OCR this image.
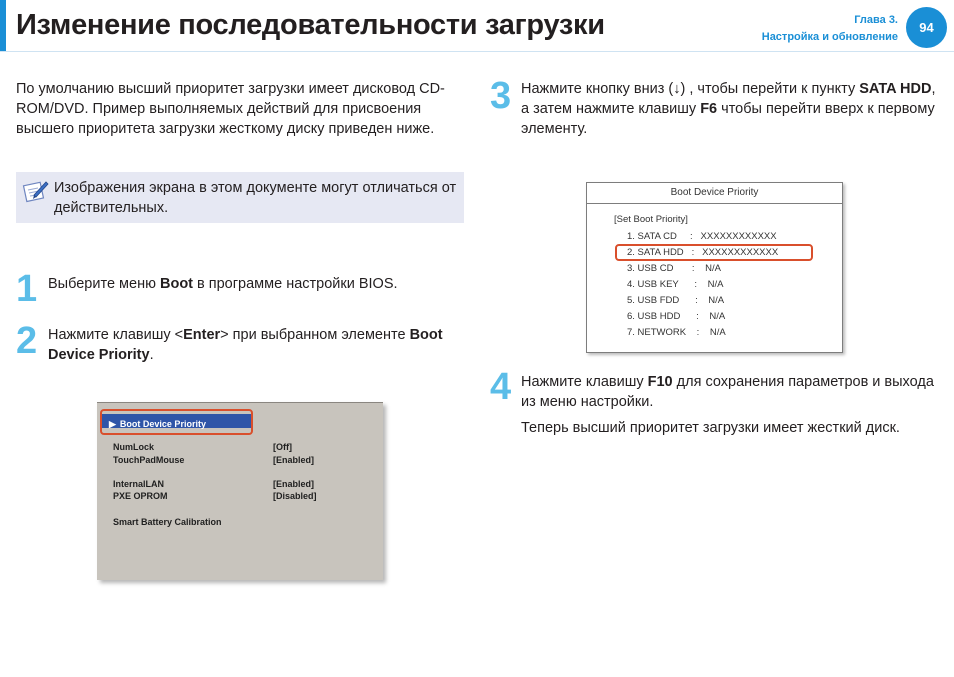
Изменение последовательности загрузки	Глава 3.
Настройка и обновление
94
По умолчанию высший приоритет загрузки имеет дисковод CD-ROM/DVD. Пример выполняемых действий для присвоения высшего приоритета загрузки жесткому диску приведен ниже.
Изображения экрана в этом документе могут отличаться от действительных.
1 Выберите меню Boot в программе настройки BIOS.
2 Нажмите клавишу <Enter> при выбранном элементе Boot Device Priority.
3 Нажмите кнопку вниз (↓) , чтобы перейти к пункту SATA HDD, а затем нажмите клавишу F6 чтобы перейти вверх к первому элементу.
4 Нажмите клавишу F10 для сохранения параметров и выхода из меню настройки.
Теперь высший приоритет загрузки имеет жесткий диск.
▶Boot Device Priority
NumLock	[Off]
TouchPadMouse	[Enabled]
InternalLAN	[Enabled]
PXE OPROM	[Disabled]
Smart Battery Calibration
Boot Device Priority
[Set Boot Priority]
1. SATA CD     :   XXXXXXXXXXXX
2. SATA HDD   :   XXXXXXXXXXXX
3. USB CD       :    N/A
4. USB KEY      :    N/A
5. USB FDD      :    N/A
6. USB HDD      :    N/A
7. NETWORK    :    N/A
